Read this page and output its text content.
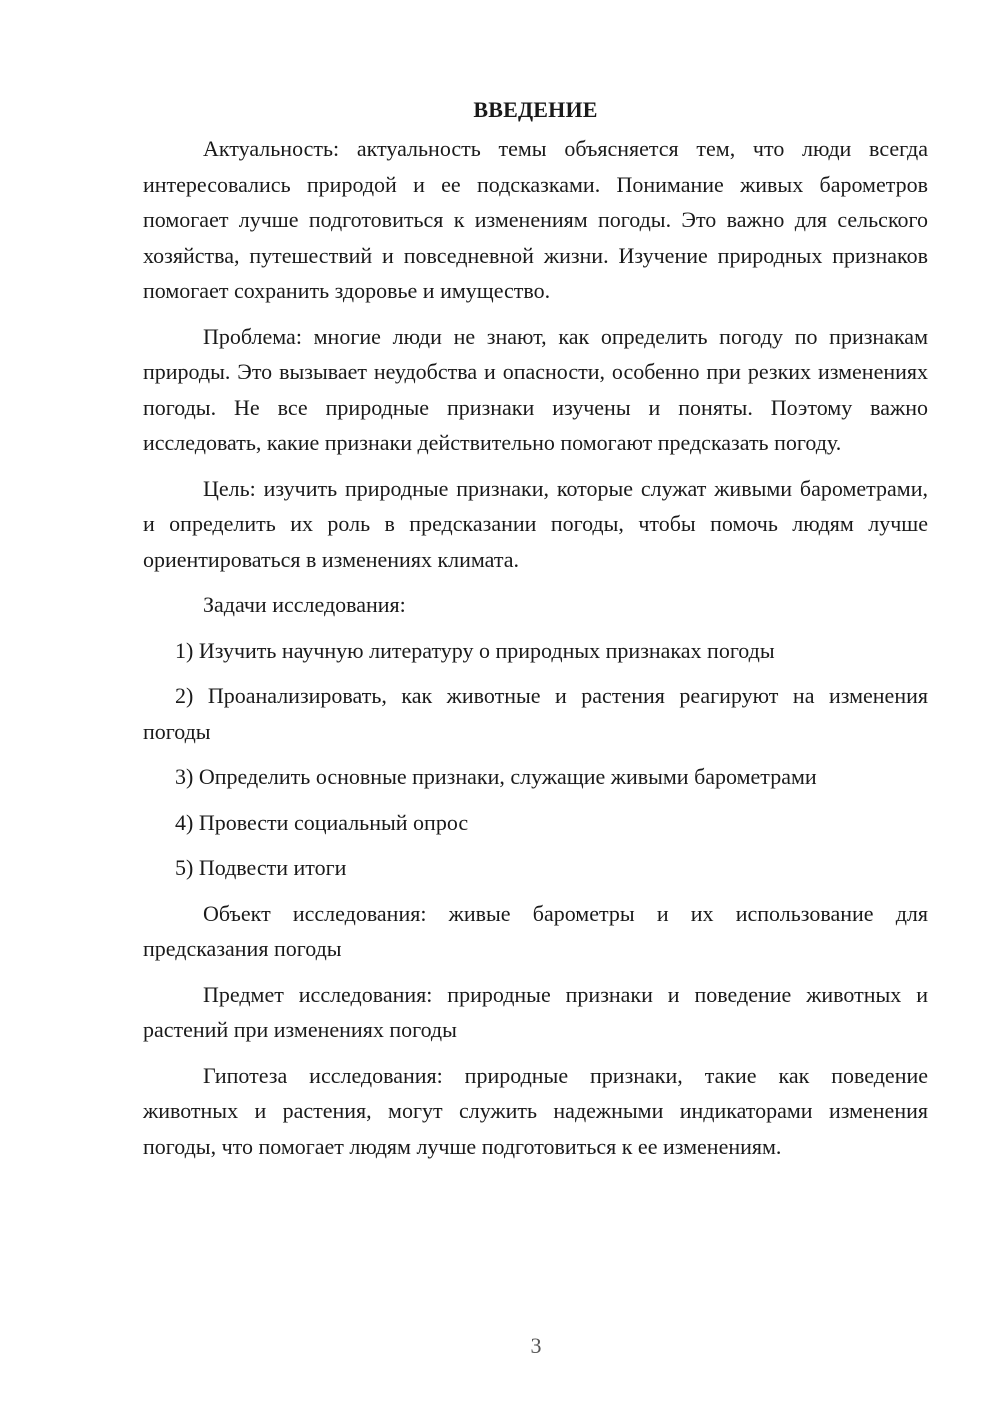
ВВЕДЕНИЕ

Актуальность: актуальность темы объясняется тем, что люди всегда интересовались природой и ее подсказками. Понимание живых барометров помогает лучше подготовиться к изменениям погоды. Это важно для сельского хозяйства, путешествий и повседневной жизни. Изучение природных признаков помогает сохранить здоровье и имущество.

Проблема: многие люди не знают, как определить погоду по признакам природы. Это вызывает неудобства и опасности, особенно при резких изменениях погоды. Не все природные признаки изучены и поняты. Поэтому важно исследовать, какие признаки действительно помогают предсказать погоду.

Цель: изучить природные признаки, которые служат живыми барометрами, и определить их роль в предсказании погоды, чтобы помочь людям лучше ориентироваться в изменениях климата.

Задачи исследования:

1) Изучить научную литературу о природных признаках погоды

2) Проанализировать, как животные и растения реагируют на изменения погоды

3) Определить основные признаки, служащие живыми барометрами

4) Провести социальный опрос

5) Подвести итоги

Объект исследования: живые барометры и их использование для предсказания погоды

Предмет исследования: природные признаки и поведение животных и растений при изменениях погоды

Гипотеза исследования: природные признаки, такие как поведение животных и растения, могут служить надежными индикаторами изменения погоды, что помогает людям лучше подготовиться к ее изменениям.

3
